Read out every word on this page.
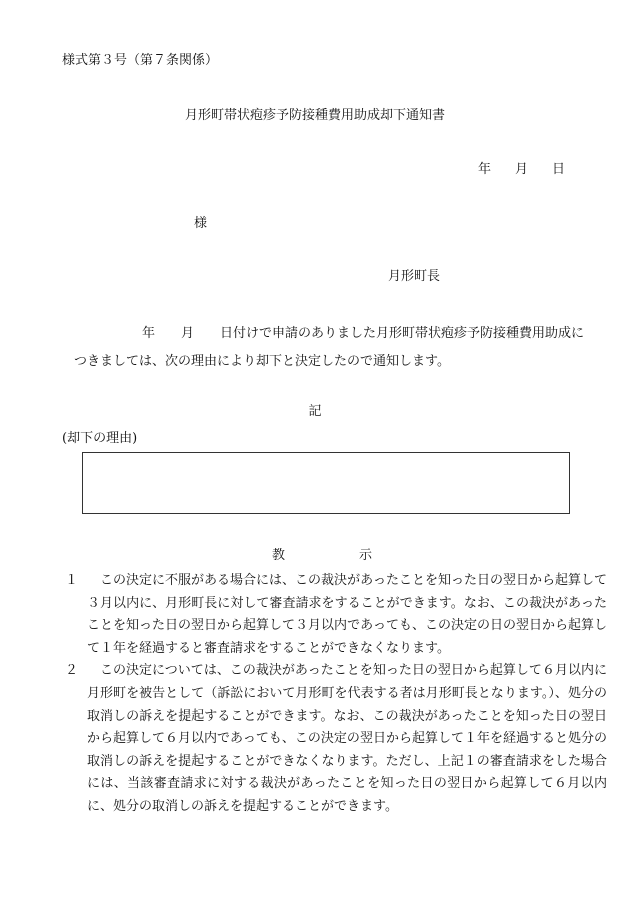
様式第３号（第７条関係）
月形町帯状疱疹予防接種費用助成却下通知書
年 月 日
様
月形町長
年 月 日付けで申請のありました月形町帯状疱疹予防接種費用助成に
つきましては、次の理由により却下と決定したので通知します。
記
(却下の理由)
教	示
１	この決定に不服がある場合には、この裁決があったことを知った日の翌日から起算して３月以内に、月形町長に対して審査請求をすることができます。なお、この裁決があったことを知った日の翌日から起算して３月以内であっても、この決定の日の翌日から起算して１年を経過すると審査請求をすることができなくなります。
２	この決定については、この裁決があったことを知った日の翌日から起算して６月以内に月形町を被告として（訴訟において月形町を代表する者は月形町長となります。）、処分の取消しの訴えを提起することができます。なお、この裁決があったことを知った日の翌日から起算して６月以内であっても、この決定の翌日から起算して１年を経過すると処分の取消しの訴えを提起することができなくなります。ただし、上記１の審査請求をした場合には、当該審査請求に対する裁決があったことを知った日の翌日から起算して６月以内に、処分の取消しの訴えを提起することができます。
